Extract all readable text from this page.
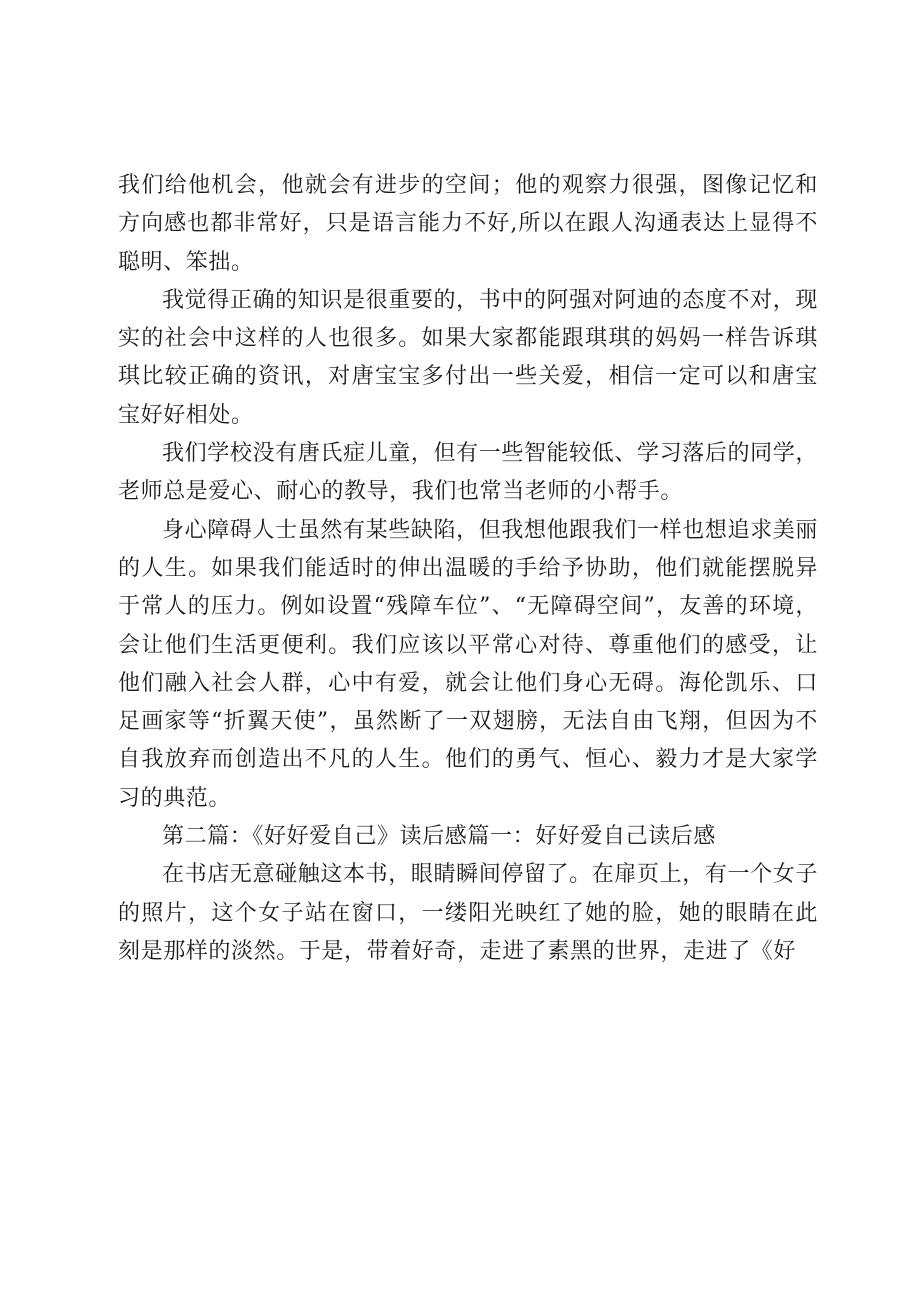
我们给他机会，他就会有进步的空间；他的观察力很强，图像记忆和方向感也都非常好，只是语言能力不好,所以在跟人沟通表达上显得不聪明、笨拙。

我觉得正确的知识是很重要的，书中的阿强对阿迪的态度不对，现实的社会中这样的人也很多。如果大家都能跟琪琪的妈妈一样告诉琪琪比较正确的资讯，对唐宝宝多付出一些关爱，相信一定可以和唐宝宝好好相处。

我们学校没有唐氏症儿童，但有一些智能较低、学习落后的同学，老师总是爱心、耐心的教导，我们也常当老师的小帮手。

身心障碍人士虽然有某些缺陷，但我想他跟我们一样也想追求美丽的人生。如果我们能适时的伸出温暖的手给予协助，他们就能摆脱异于常人的压力。例如设置“残障车位”、“无障碍空间”，友善的环境，会让他们生活更便利。我们应该以平常心对待、尊重他们的感受，让他们融入社会人群，心中有爱，就会让他们身心无碍。海伦凯乐、口足画家等“折翼天使”，虽然断了一双翅膀，无法自由飞翔，但因为不自我放弃而创造出不凡的人生。他们的勇气、恒心、毅力才是大家学习的典范。

第二篇：《好好爱自己》读后感篇一：好好爱自己读后感

在书店无意碰触这本书，眼睛瞬间停留了。在扉页上，有一个女子的照片，这个女子站在窗口，一缕阳光映红了她的脸，她的眼睛在此刻是那样的淡然。于是，带着好奇，走进了素黑的世界，走进了《好
